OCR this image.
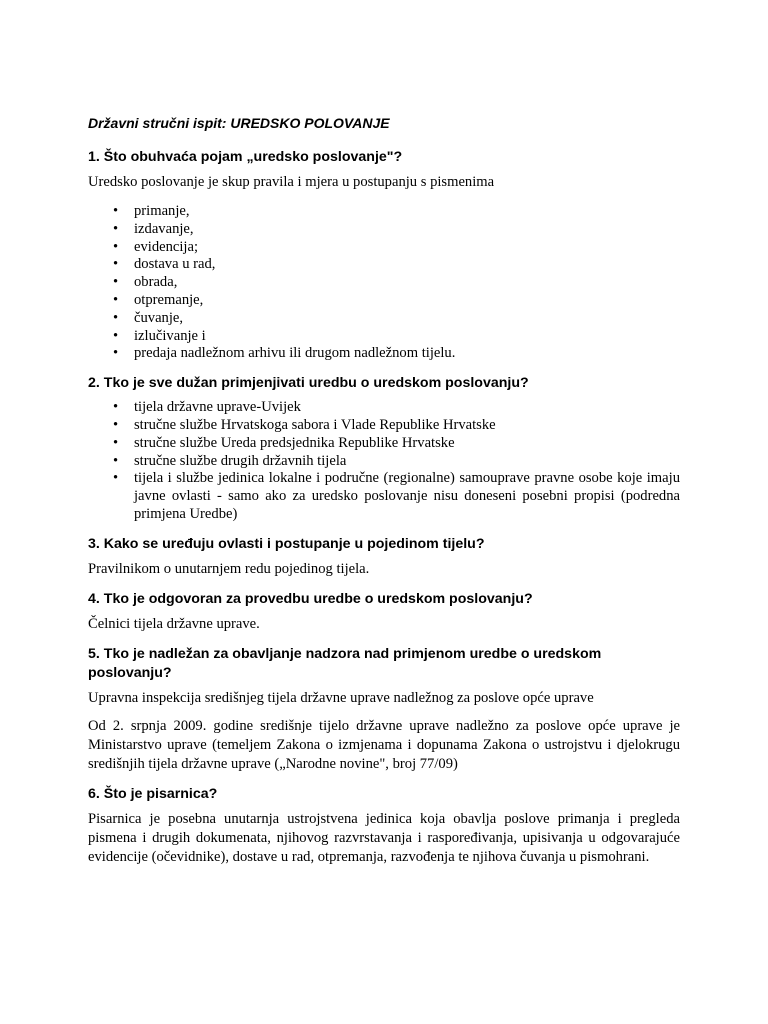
Državni stručni ispit: UREDSKO POLOVANJE
1. Što obuhvaća pojam „uredsko poslovanje"?
Uredsko poslovanje je skup pravila i mjera u postupanju s pismenima
• primanje,
• izdavanje,
• evidencija;
• dostava u rad,
• obrada,
• otpremanje,
• čuvanje,
• izlučivanje i
• predaja nadležnom arhivu ili drugom nadležnom tijelu.
2. Tko je sve dužan primjenjivati uredbu o uredskom poslovanju?
• tijela državne uprave-Uvijek
• stručne službe Hrvatskoga sabora i Vlade Republike Hrvatske
• stručne službe Ureda predsjednika Republike Hrvatske
• stručne službe drugih državnih tijela
• tijela i službe jedinica lokalne i područne (regionalne) samouprave pravne osobe koje imaju javne ovlasti - samo ako za uredsko poslovanje nisu doneseni posebni propisi (podredna primjena Uredbe)
3. Kako se uređuju ovlasti i postupanje u pojedinom tijelu?
Pravilnikom o unutarnjem redu pojedinog tijela.
4. Tko je odgovoran za provedbu uredbe o uredskom poslovanju?
Čelnici tijela državne uprave.
5. Tko je nadležan za obavljanje nadzora nad primjenom uredbe o uredskom poslovanju?
Upravna inspekcija središnjeg tijela državne uprave nadležnog za poslove opće uprave
Od 2. srpnja 2009. godine središnje tijelo državne uprave nadležno za poslove opće uprave je Ministarstvo uprave (temeljem Zakona o izmjenama i dopunama Zakona o ustrojstvu i djelokrugu središnjih tijela državne uprave („Narodne novine", broj 77/09)
6. Što je pisarnica?
Pisarnica je posebna unutarnja ustrojstvena jedinica koja obavlja poslove primanja i pregleda pismena i drugih dokumenata, njihovog razvrstavanja i raspoređivanja, upisivanja u odgovarajuće evidencije (očevidnike), dostave u rad, otpremanja, razvođenja te njihova čuvanja u pismohrani.
